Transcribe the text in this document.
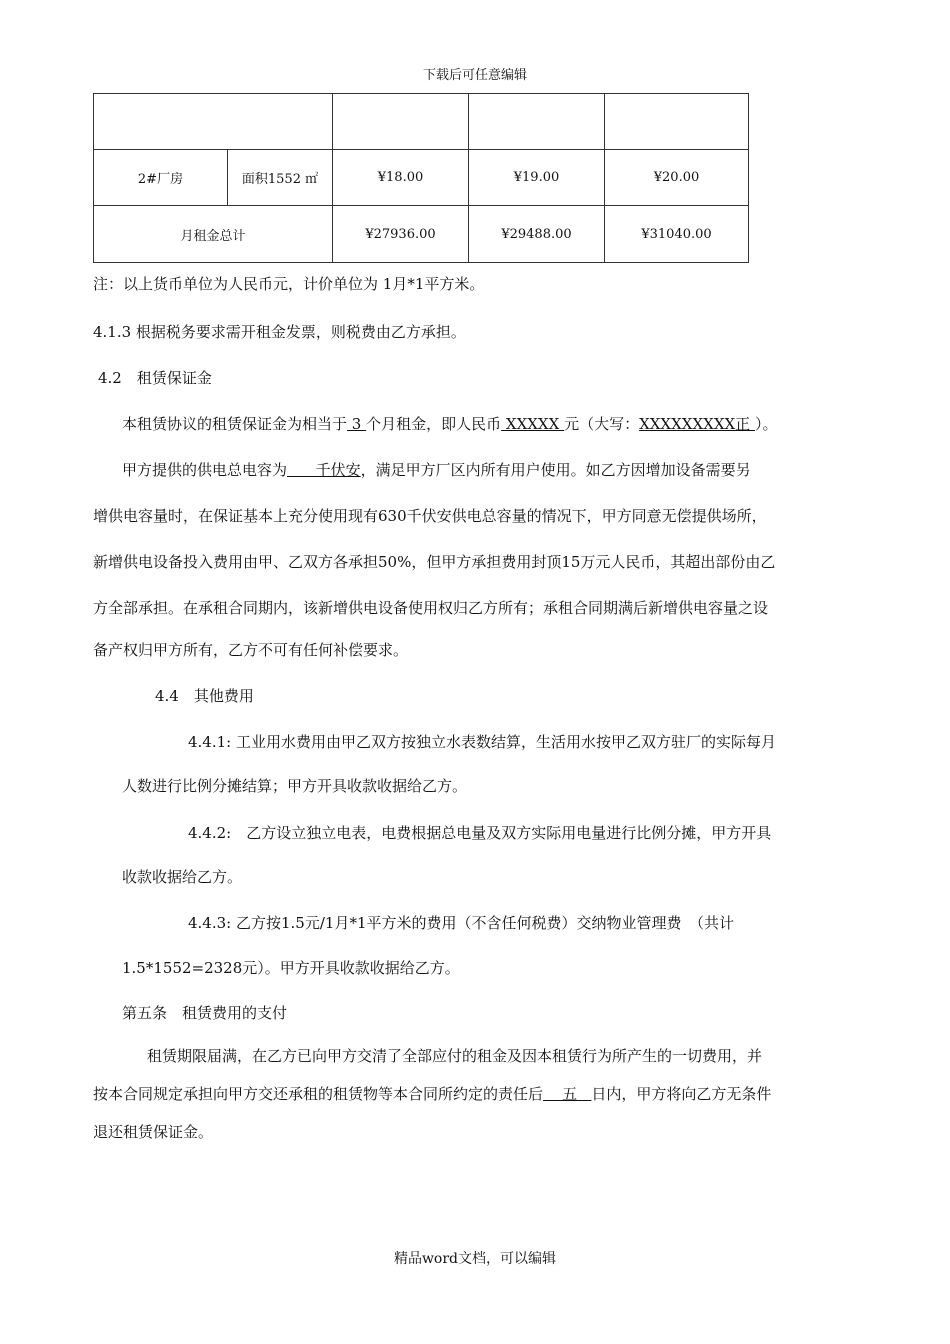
下载后可任意编辑

2#厂房	面积1552 ㎡	¥18.00	¥19.00	¥20.00
月租金总计		¥27936.00	¥29488.00	¥31040.00
注：以上货币单位为人民币元，计价单位为 1月*1平方米。
4.1.3 根据税务要求需开租金发票，则税费由乙方承担。
4.2　租赁保证金
本租赁协议的租赁保证金为相当于 3 个月租金，即人民币 XXXXX 元（大写：XXXXXXXXX正 ）。
甲方提供的供电总电容为      千伏安，满足甲方厂区内所有用户使用。如乙方因增加设备需要另
增供电容量时，在保证基本上充分使用现有630千伏安供电总容量的情况下，甲方同意无偿提供场所，
新增供电设备投入费用由甲、乙双方各承担50%，但甲方承担费用封顶15万元人民币，其超出部份由乙
方全部承担。在承租合同期内，该新增供电设备使用权归乙方所有；承租合同期满后新增供电容量之设
备产权归甲方所有，乙方不可有任何补偿要求。
4.4　其他费用
4.4.1: 工业用水费用由甲乙双方按独立水表数结算，生活用水按甲乙双方驻厂的实际每月
人数进行比例分摊结算；甲方开具收款收据给乙方。
4.4.2:　乙方设立独立电表，电费根据总电量及双方实际用电量进行比例分摊，甲方开具
收款收据给乙方。
4.4.3: 乙方按1.5元/1月*1平方米的费用（不含任何税费）交纳物业管理费　（共计
1.5*1552=2328元）。甲方开具收款收据给乙方。
第五条　租赁费用的支付
租赁期限届满，在乙方已向甲方交清了全部应付的租金及因本租赁行为所产生的一切费用，并
按本合同规定承担向甲方交还承租的租赁物等本合同所约定的责任后    五   日内，甲方将向乙方无条件
退还租赁保证金。
精品word文档，可以编辑
